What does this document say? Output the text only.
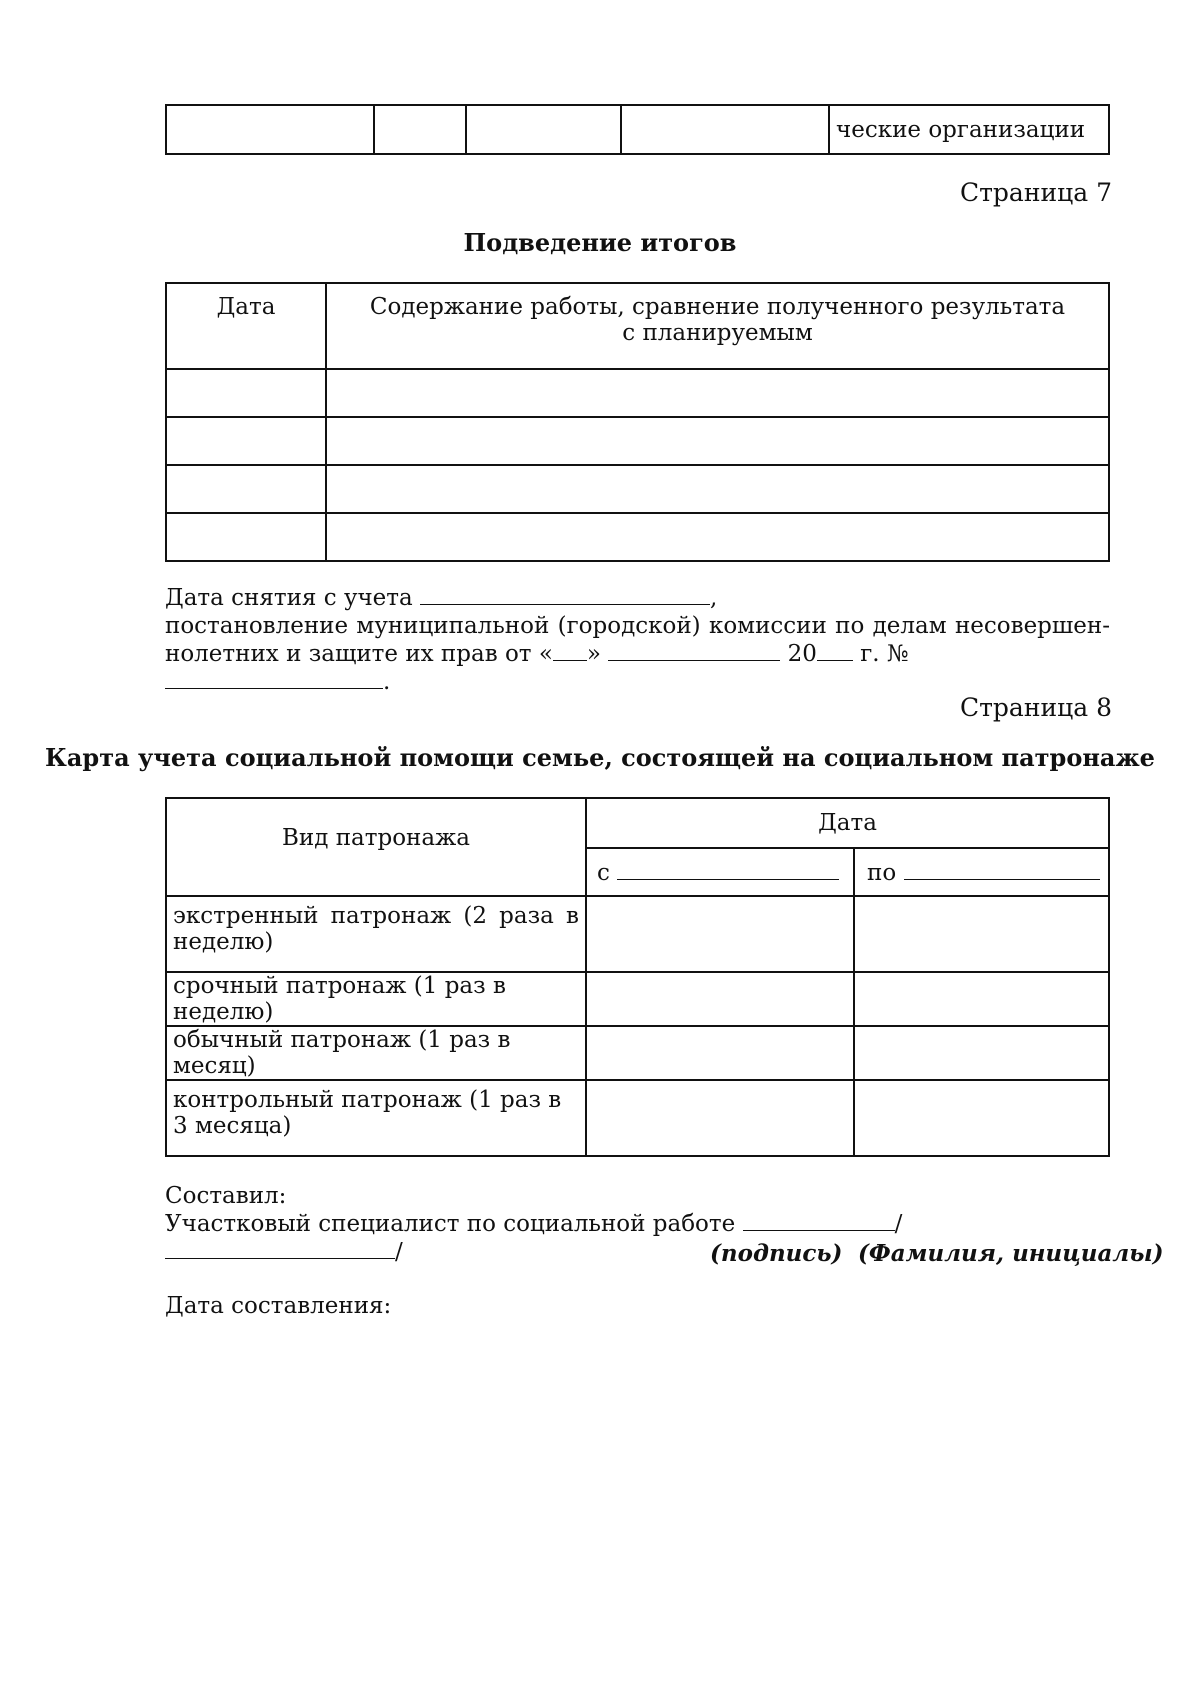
				ческие организации
Страница 7
Подведение итогов
Дата	Содержание работы, сравнение полученного результата с планируемым

Дата снятия с учета	,
постановление муниципальной (городской) комиссии по делам несовершен-
нолетних и защите их прав от « »	20 г. № .
Страница 8
Карта учета социальной помощи семье, состоящей на социальном патронаже
Вид патронажа	Дата	
	с	по
экстренный патронаж (2 раза в неделю)		
срочный патронаж (1 раз в неделю)		
обычный патронаж (1 раз в месяц)		
контрольный патронаж (1 раз в 3 месяца)		
Составил:
Участковый специалист по социальной работе	//	(подпись) (Фамилия, инициалы)
Дата составления:
